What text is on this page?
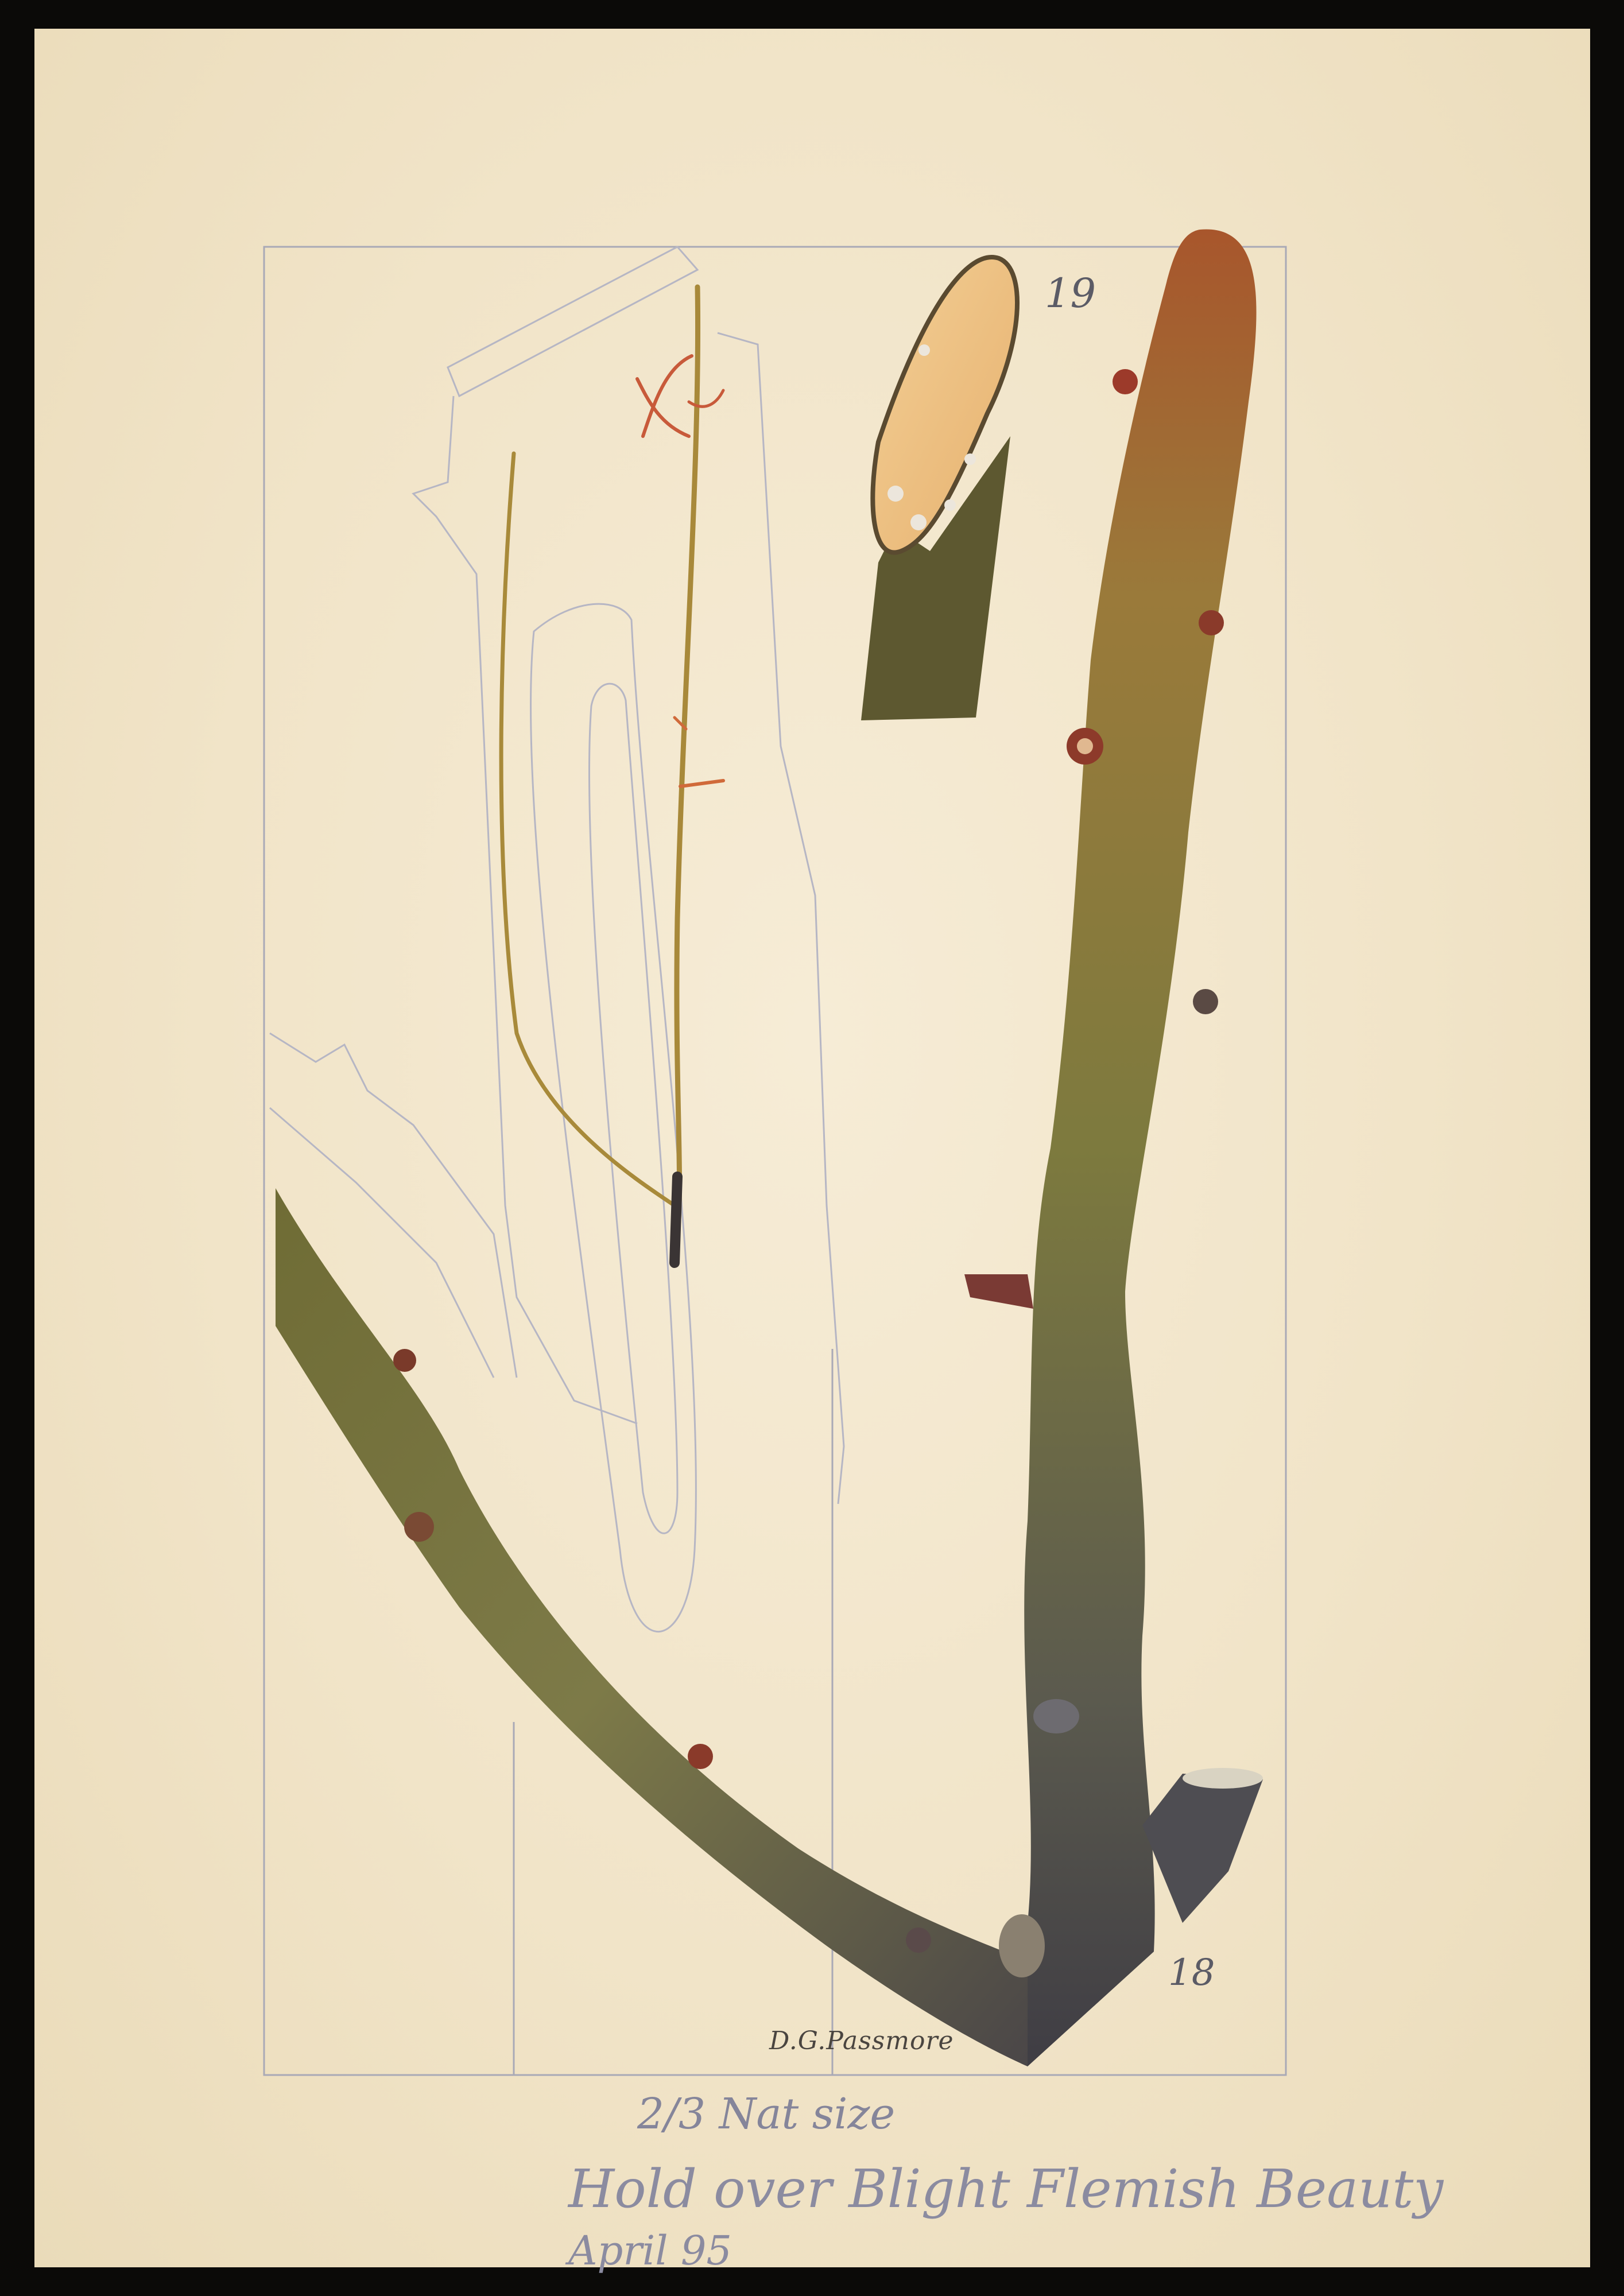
19
18
D.G.Passmore
2/3 Nat size
Hold over Blight Flemish Beauty
April 95
